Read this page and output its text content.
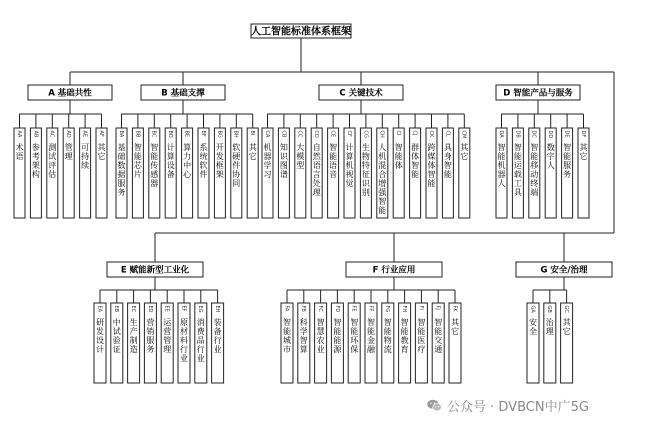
人工智能标准体系框架
A 基础共性
AA
术语
AB
参考架构
AC
测试评估
AD
管理
AE
可持续
AF
其它
B 基础支撑
BA
基础数据服务
BB
智能芯片
BC
智能传感器
BD
计算设备
BE
算力中心
BF
系统软件
BG
开发框架
BH
软硬件协同
BI
其它
C 关键技术
CA
机器学习
CB
知识图谱
CC
大模型
CD
自然语言处理
CE
智能语音
CF
计算机视觉
CG
生物特征识别
CH
人机混合增强智能
CI
智能体
CJ
群体智能
CK
跨媒体智能
CL
具身智能
CM
其它
D 智能产品与服务
DA
智能机器人
DB
智能运载工具
DC
智能移动终端
DD
数字人
DE
智能服务
DF
其它
E 赋能新型工业化
EA
研发设计
EB
中试验证
EC
生产制造
ED
营销服务
EE
运营管理
EF
原材料行业
EG
消费品行业
EH
装备行业
F 行业应用
FA
智能城市
FB
科学智算
FC
智慧农业
FD
智能能源
FE
智能环保
FF
智能金融
FG
智能物流
FH
智能教育
FI
智能医疗
FJ
智能交通
FK
其它
G 安全/治理
GA
安全
GB
治理
GC
其它
公众号 · DVBCN中广5G
